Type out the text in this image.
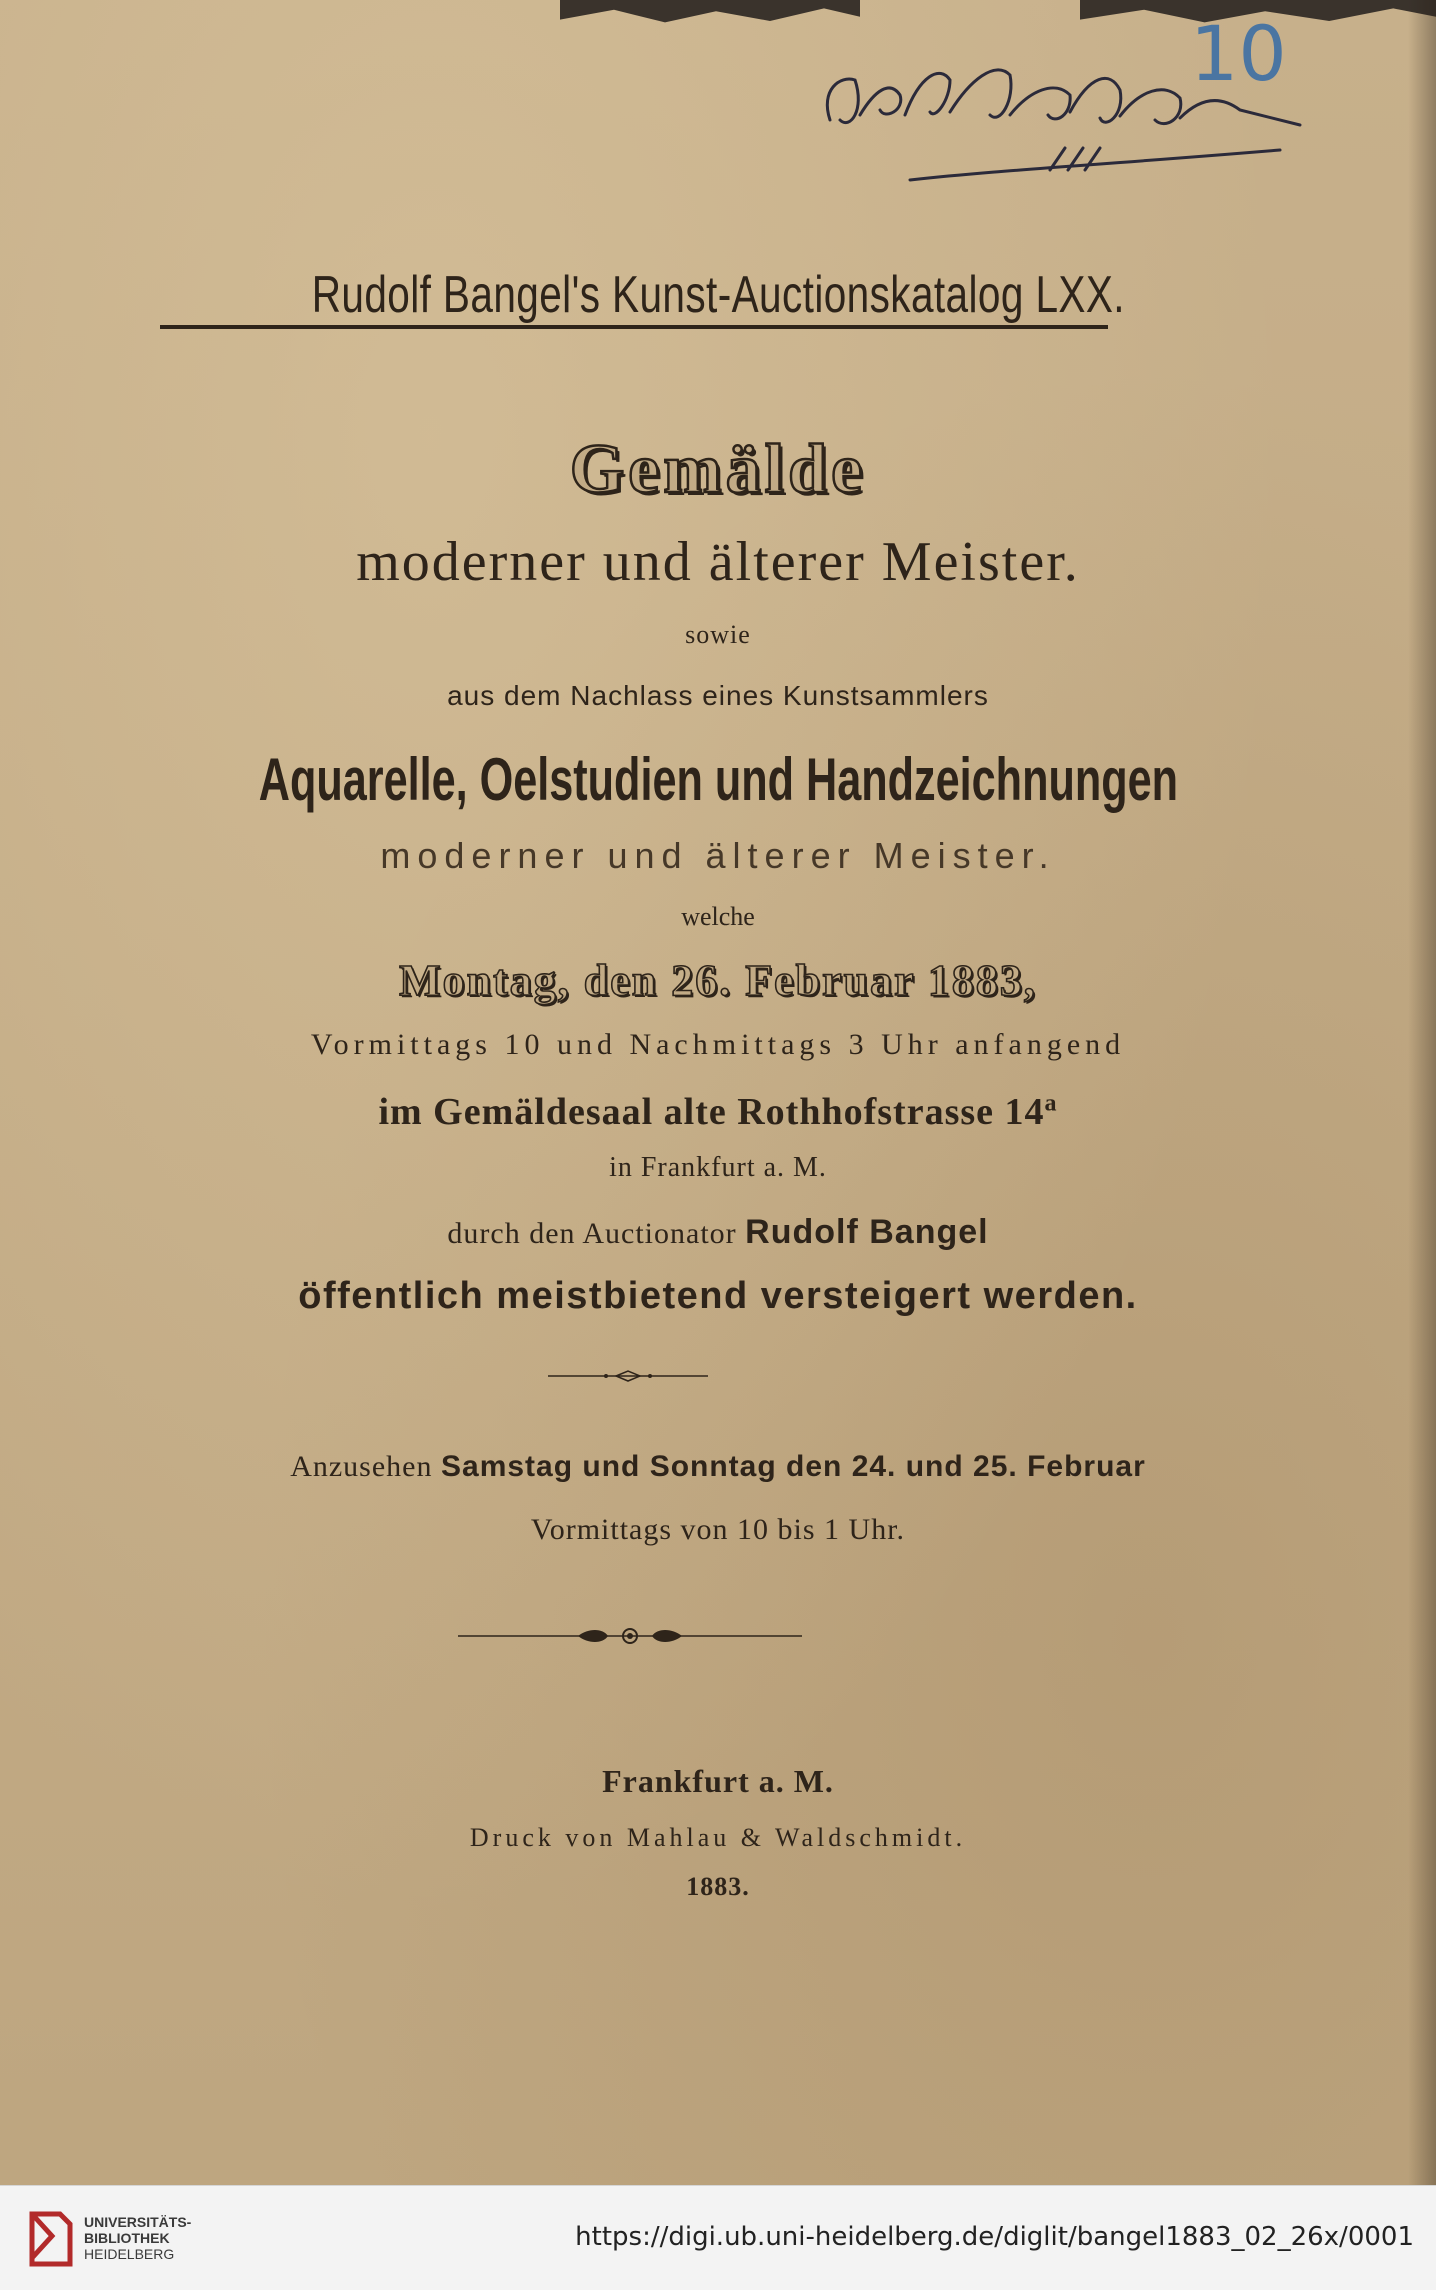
Adolph Bangel 10
40.
Rudolf Bangel's Kunst-Auctionskatalog LXX.
Gemälde
moderner und älterer Meister.
sowie
aus dem Nachlass eines Kunstsammlers
Aquarelle, Oelstudien und Handzeichnungen
moderner und älterer Meister.
welche
Montag, den 26. Februar 1883,
Vormittags 10 und Nachmittags 3 Uhr anfangend
im Gemäldesaal alte Rothhofstrasse 14$^a$
in Frankfurt a. M.
durch den Auctionator Rudolf Bangel
öffentlich meistbietend versteigert werden.
Anzusehen Samstag und Sonntag den 24. und 25. Februar
Vormittags von 10 bis 1 Uhr.
Frankfurt a. M.
Druck von Mahlau & Waldschmidt.
1883.
UNIVERSITÄTS-
BIBLIOTHEK
HEIDELBERG
https://digi.ub.uni-heidelberg.de/diglit/bangel1883_02_26x/0001
